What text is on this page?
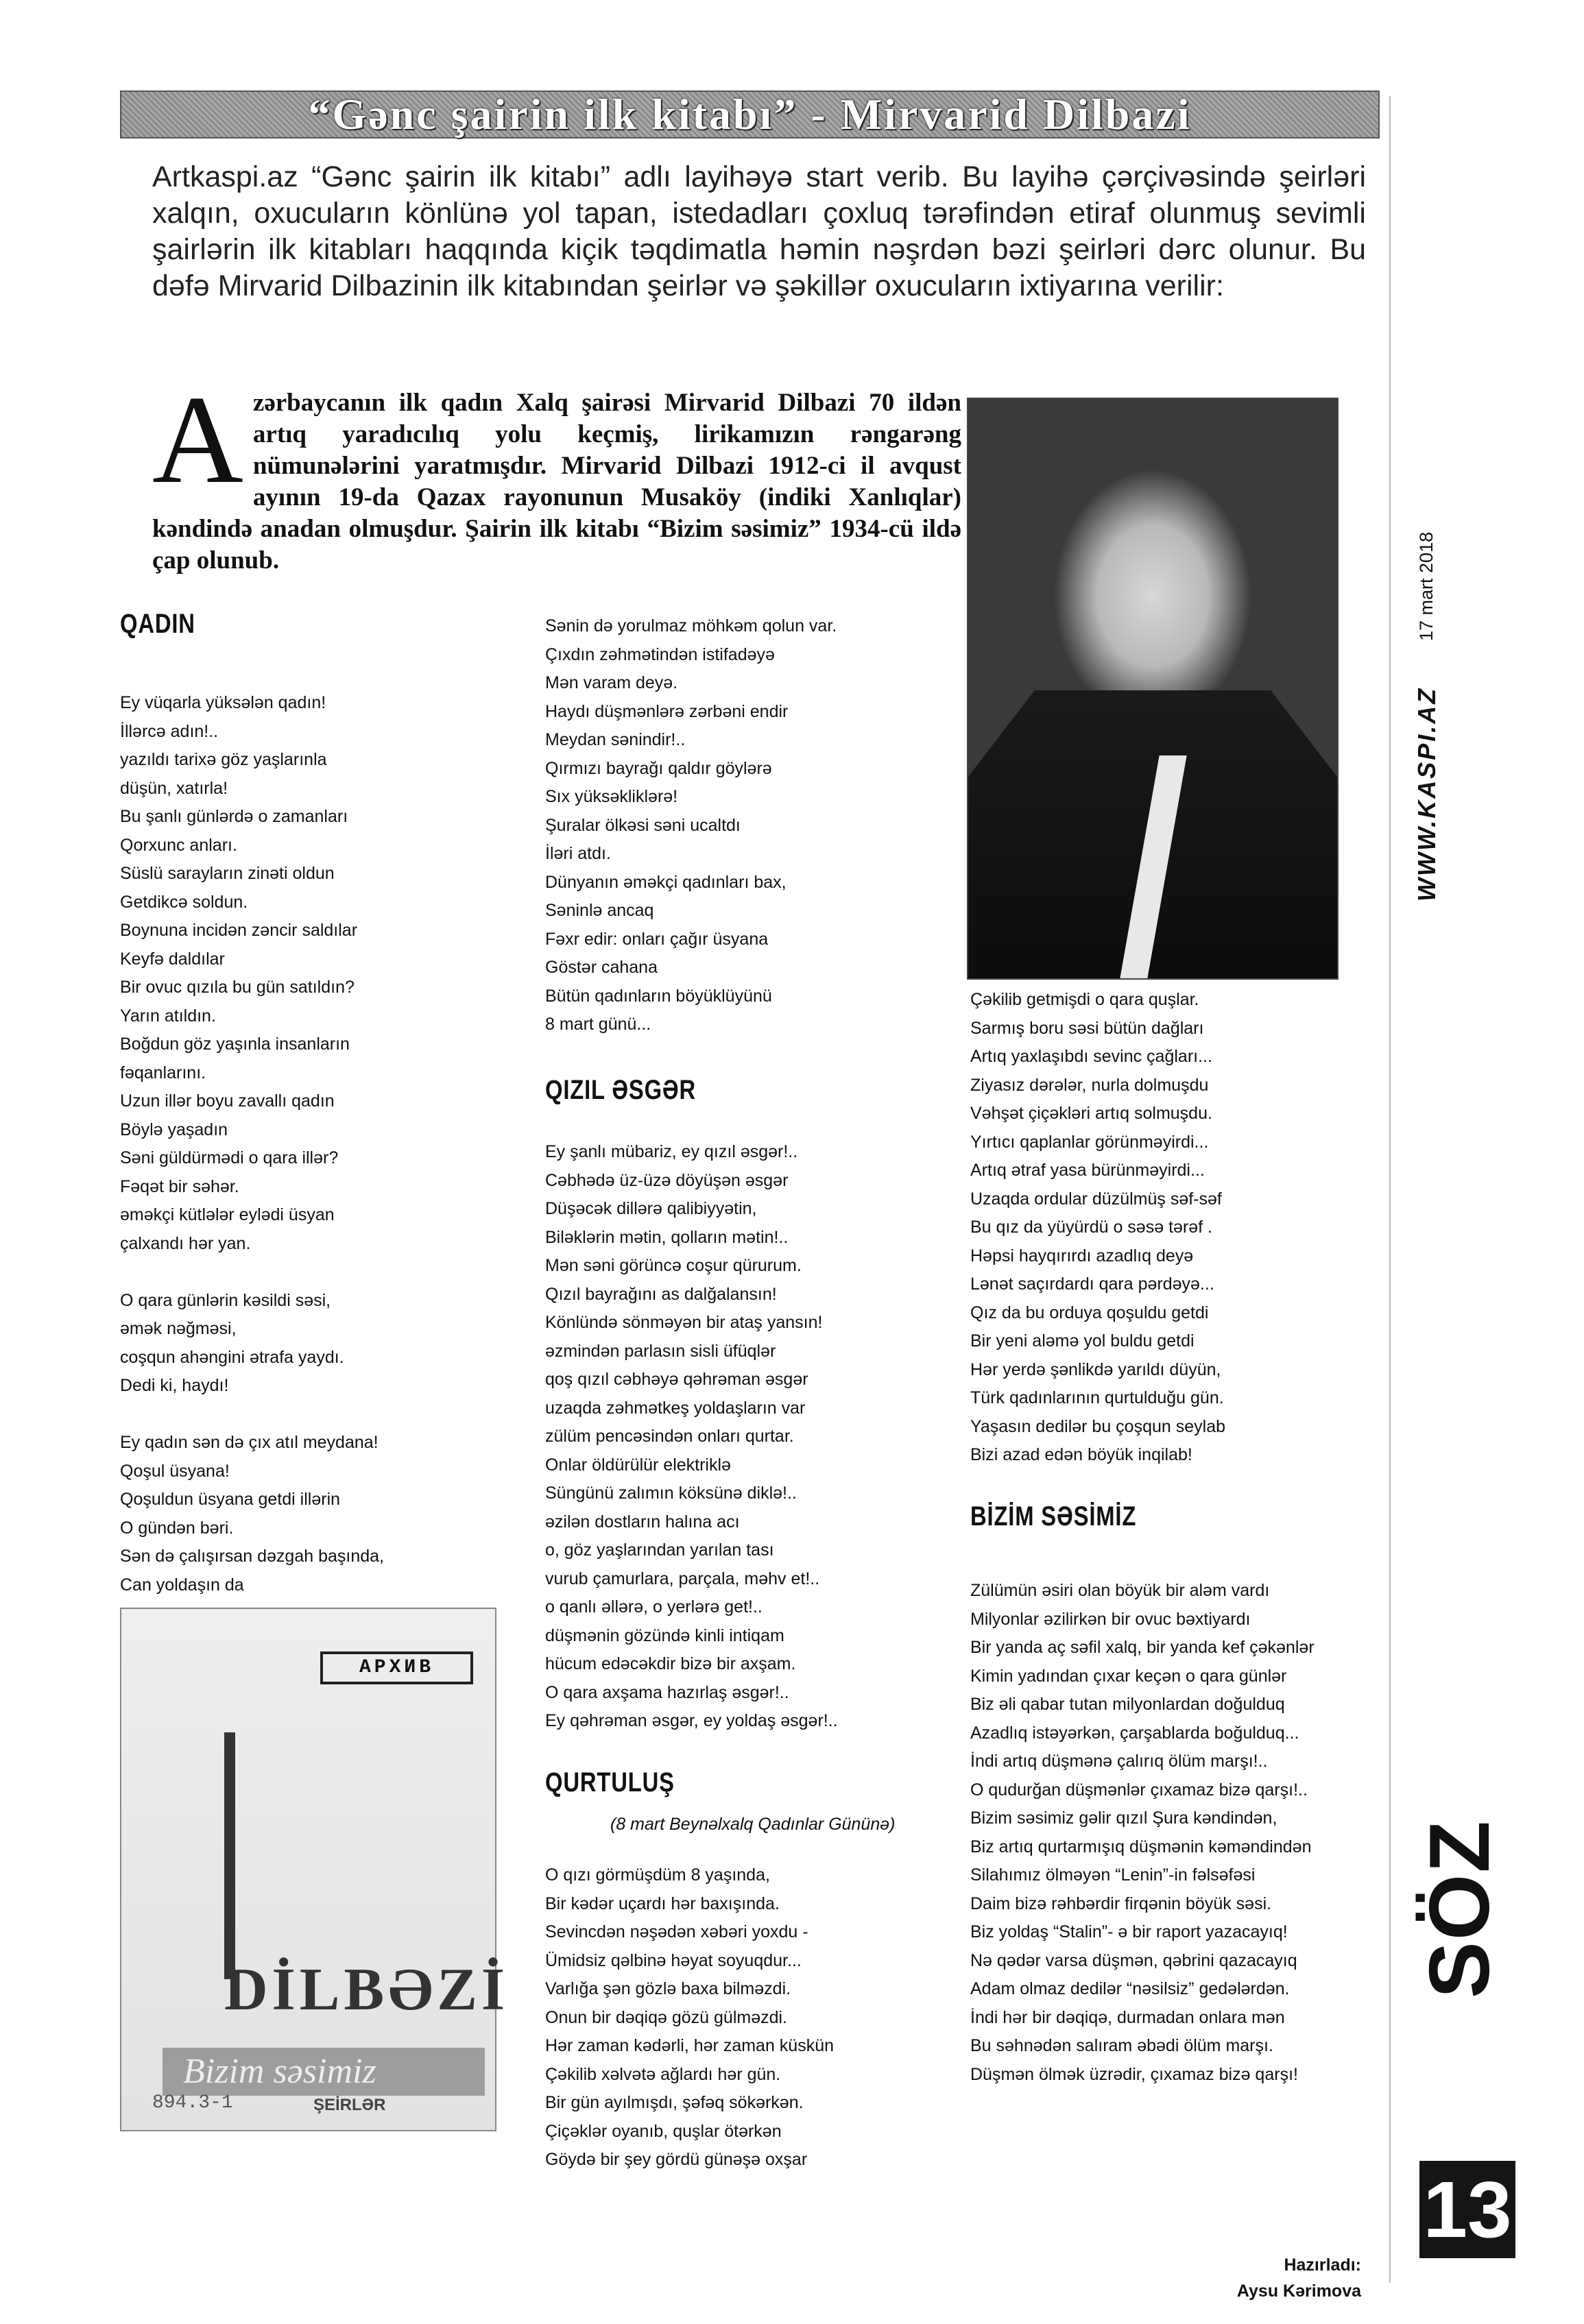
“Gənc şairin ilk kitabı” - Mirvarid Dilbazi
Artkaspi.az “Gənc şairin ilk kitabı” adlı layihəyə start verib. Bu layihə çərçivəsində şeirləri xalqın, oxucuların könlünə yol tapan, istedadları çoxluq tərəfindən etiraf olunmuş sevimli şairlərin ilk kitabları haqqında kiçik təqdimatla həmin nəşrdən bəzi şeirləri dərc olunur. Bu dəfə Mirvarid Dilbazinin ilk kitabından şeirlər və şəkillər oxucuların ixtiyarına verilir:
A zərbaycanın ilk qadın Xalq şairəsi Mirvarid Dilbazi 70 ildən artıq yaradıcılıq yolu keçmiş, lirikamızın rəngarəng nümunələrini yaratmışdır. Mirvarid Dilbazi 1912-ci il avqust ayının 19-da Qazax rayonunun Musaköy (indiki Xanlıqlar) kəndində anadan olmuşdur. Şairin ilk kitabı “Bizim səsimiz” 1934-cü ildə çap olunub.
QADIN

Ey vüqarla yüksələn qadın!

İllərcə adın!..

yazıldı tarixə göz yaşlarınla

düşün, xatırla!

Bu şanlı günlərdə o zamanları

Qorxunc anları.

Süslü sarayların zinəti oldun

Getdikcə soldun.

Boynuna incidən zəncir saldılar

Keyfə daldılar

Bir ovuc qızıla bu gün satıldın?

Yarın atıldın.

Boğdun göz yaşınla insanların

fəqanlarını.

Uzun illər boyu zavallı qadın

Böylə yaşadın

Səni güldürmədi o qara illər?

Fəqət bir səhər.

əməkçi kütlələr eylədi üsyan

çalxandı hər yan.

O qara günlərin kəsildi səsi,

əmək nəğməsi,

coşqun ahəngini ətrafa yaydı.

Dedi ki, haydı!

Ey qadın sən də çıx atıl meydana!

Qoşul üsyana!

Qoşuldun üsyana getdi illərin

O gündən bəri.

Sən də çalışırsan dəzgah başında,

Can yoldaşın da

Sənin də yorulmaz möhkəm qolun var.

Çıxdın zəhmətindən istifadəyə

Mən varam deyə.

Haydı düşmənlərə zərbəni endir

Meydan sənindir!..

Qırmızı bayrağı qaldır göylərə

Sıx yüksəkliklərə!

Şuralar ölkəsi səni ucaltdı

İləri atdı.

Dünyanın əməkçi qadınları bax,

Səninlə ancaq

Fəxr edir: onları çağır üsyana

Göstər cahana

Bütün qadınların böyüklüyünü

8 mart günü...

QIZIL ƏSGƏR

Ey şanlı mübariz, ey qızıl əsgər!..

Cəbhədə üz-üzə döyüşən əsgər

Düşəcək dillərə qalibiyyətin,

Biləklərin mətin, qolların mətin!..

Mən səni görüncə coşur qürurum.

Qızıl bayrağını as dalğalansın!

Könlündə sönməyən bir ataş yansın!

əzmindən parlasın sisli üfüqlər

qoş qızıl cəbhəyə qəhrəman əsgər

uzaqda zəhmətkeş yoldaşların var

zülüm pencəsindən onları qurtar.

Onlar öldürülür elektriklə

Süngünü zalımın köksünə diklə!..

əzilən dostların halına acı

o, göz yaşlarından yarılan tası

vurub çamurlara, parçala, məhv et!..

o qanlı əllərə, o yerlərə get!..

düşmənin gözündə kinli intiqam

hücum edəcəkdir bizə bir axşam.

O qara axşama hazırlaş əsgər!..

Ey qəhrəman əsgər, ey yoldaş əsgər!..

QURTULUŞ
(8 mart Beynəlxalq Qadınlar Gününə)

O qızı görmüşdüm 8 yaşında,

Bir kədər uçardı hər baxışında.

Sevincdən nəşədən xəbəri yoxdu -

Ümidsiz qəlbinə həyat soyuqdur...

Varlığa şən gözlə baxa bilməzdi.

Onun bir dəqiqə gözü gülməzdi.

Hər zaman kədərli, hər zaman küskün

Çəkilib xəlvətə ağlardı hər gün.

Bir gün ayılmışdı, şəfəq sökərkən.

Çiçəklər oyanıb, quşlar ötərkən

Göydə bir şey gördü günəşə oxşar

Çəkilib getmişdi o qara quşlar.

Sarmış boru səsi bütün dağları

Artıq yaxlaşıbdı sevinc çağları...

Ziyasız dərələr, nurla dolmuşdu

Vəhşət çiçəkləri artıq solmuşdu.

Yırtıcı qaplanlar görünməyirdi...

Artıq ətraf yasa bürünməyirdi...

Uzaqda ordular düzülmüş səf-səf

Bu qız da yüyürdü o səsə tərəf .

Həpsi hayqırırdı azadlıq deyə

Lənət saçırdardı qara pərdəyə...

Qız da bu orduya qoşuldu getdi

Bir yeni aləmə yol buldu getdi

Hər yerdə şənlikdə yarıldı düyün,

Türk qadınlarının qurtulduğu gün.

Yaşasın dedilər bu çoşqun seylab

Bizi azad edən böyük inqilab!

BİZİM SƏSİMİZ

Zülümün əsiri olan böyük bir aləm vardı

Milyonlar əzilirkən bir ovuc bəxtiyardı

Bir yanda aç səfil xalq, bir yanda kef çəkənlər

Kimin yadından çıxar keçən o qara günlər

Biz əli qabar tutan milyonlardan doğulduq

Azadlıq istəyərkən, çarşablarda boğulduq...

İndi artıq düşmənə çalırıq ölüm marşı!..

O qudurğan düşmənlər çıxamaz bizə qarşı!..

Bizim səsimiz gəlir qızıl Şura kəndindən,

Biz artıq qurtarmışıq düşmənin kəməndindən

Silahımız ölməyən “Lenin”-in fəlsəfəsi

Daim bizə rəhbərdir firqənin böyük səsi.

Biz yoldaş “Stalin”- ə bir raport yazacayıq!

Nə qədər varsa düşmən, qəbrini qazacayıq

Adam olmaz dedilər “nəsilsiz” gedələrdən.

İndi hər bir dəqiqə, durmadan onlara mən

Bu səhnədən salıram əbədi ölüm marşı.

Düşmən ölmək üzrədir, çıxamaz bizə qarşı!

Hazırladı:
Aysu Kərimova
АРХИВ
DİLBƏZİ
Bizim səsimiz
ŞEİRLƏR
894.3-1
17 mart 2018
WWW.KASPI.AZ
SÖZ
13
